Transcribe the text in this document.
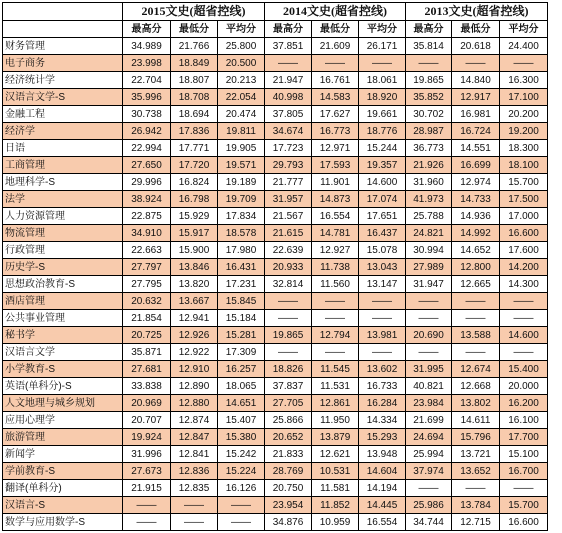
	2015文史(超省控线)			2014文史(超省控线)			2013文史(超省控线)		
	最高分	最低分	平均分	最高分	最低分	平均分	最高分	最低分	平均分
财务管理	34.989	21.766	25.800	37.851	21.609	26.171	35.814	20.618	24.400
电子商务	23.998	18.849	20.500	——	——	——	——	——	——
经济统计学	22.704	18.807	20.213	21.947	16.761	18.061	19.865	14.840	16.300
汉语言文学-S	35.996	18.708	22.054	40.998	14.583	18.920	35.852	12.917	17.100
金融工程	30.738	18.694	20.474	37.805	17.627	19.661	30.702	16.981	20.200
经济学	26.942	17.836	19.811	34.674	16.773	18.776	28.987	16.724	19.200
日语	22.994	17.771	19.905	17.723	12.971	15.244	36.773	14.551	18.300
工商管理	27.650	17.720	19.571	29.793	17.593	19.357	21.926	16.699	18.100
地理科学-S	29.996	16.824	19.189	21.777	11.901	14.600	31.960	12.974	15.700
法学	38.924	16.798	19.709	31.957	14.873	17.074	41.973	14.733	17.500
人力资源管理	22.875	15.929	17.834	21.567	16.554	17.651	25.788	14.936	17.000
物流管理	34.910	15.917	18.578	21.615	14.781	16.437	24.821	14.992	16.600
行政管理	22.663	15.900	17.980	22.639	12.927	15.078	30.994	14.652	17.600
历史学-S	27.797	13.846	16.431	20.933	11.738	13.043	27.989	12.800	14.200
思想政治教育-S	27.795	13.820	17.231	32.814	11.560	13.147	31.947	12.665	14.300
酒店管理	20.632	13.667	15.845	——	——	——	——	——	——
公共事业管理	21.854	12.941	15.184	——	——	——	——	——	——
秘书学	20.725	12.926	15.281	19.865	12.794	13.981	20.690	13.588	14.600
汉语言文学	35.871	12.922	17.309	——	——	——	——	——	——
小学教育-S	27.681	12.910	16.257	18.826	11.545	13.602	31.995	12.674	15.400
英语(单科分)-S	33.838	12.890	18.065	37.837	11.531	16.733	40.821	12.668	20.000
人文地理与城乡规划	20.969	12.880	14.651	27.705	12.861	16.284	23.984	13.802	16.200
应用心理学	20.707	12.874	15.407	25.866	11.950	14.334	21.699	14.611	16.100
旅游管理	19.924	12.847	15.380	20.652	13.879	15.293	24.694	15.796	17.700
新闻学	31.996	12.841	15.242	21.833	12.621	13.948	25.994	13.721	15.100
学前教育-S	27.673	12.836	15.224	28.769	10.531	14.604	37.974	13.652	16.700
翻译(单科分)	21.915	12.835	16.126	20.750	11.581	14.194	——	——	——
汉语言-S	——	——	——	23.954	11.852	14.445	25.986	13.784	15.700
数学与应用数学-S	——	——	——	34.876	10.959	16.554	34.744	12.715	16.600
